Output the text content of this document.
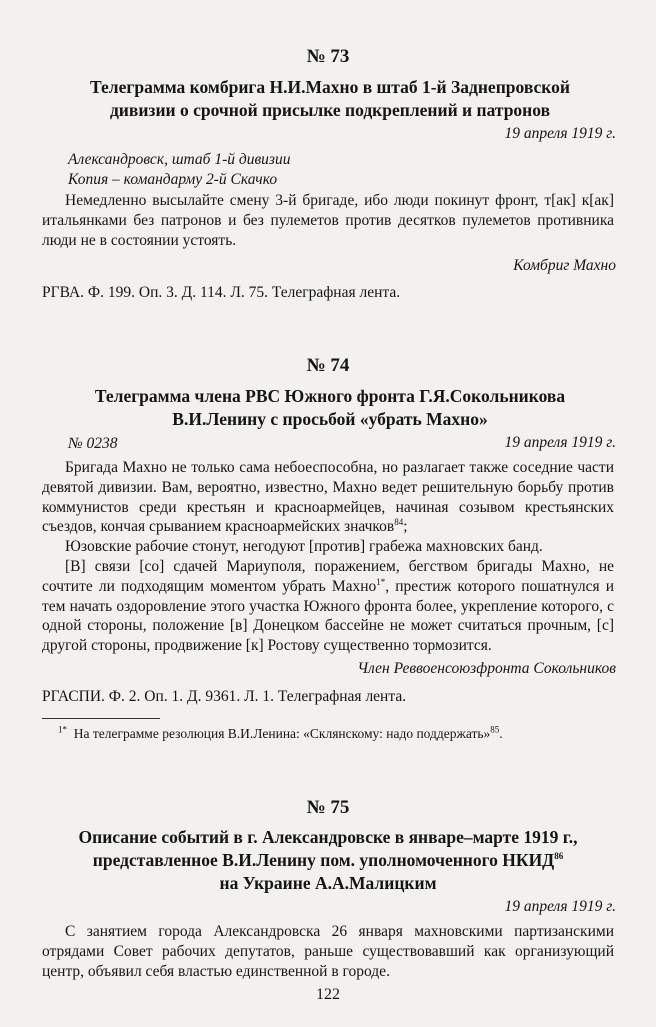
№ 73
Телеграмма комбрига Н.И.Махно в штаб 1-й Заднепровской
дивизии о срочной присылке подкреплений и патронов
19 апреля 1919 г.
Александровск, штаб 1-й дивизии
Копия – командарму 2-й Скачко

Немедленно высылайте смену 3-й бригаде, ибо люди покинут фронт, т[ак] к[ак] итальянками без патронов и без пулеметов против десятков пулеметов противника люди не в состоянии устоять.

Комбриг Махно
РГВА. Ф. 199. Оп. 3. Д. 114. Л. 75. Телеграфная лента.
№ 74
Телеграмма члена РВС Южного фронта Г.Я.Сокольникова
В.И.Ленину с просьбой «убрать Махно»
№ 0238	19 апреля 1919 г.

Бригада Махно не только сама небоеспособна, но разлагает также соседние части девятой дивизии. Вам, вероятно, известно, Махно ведет решительную борьбу против коммунистов среди крестьян и красноармейцев, начиная созывом крестьянских съездов, кончая срыванием красноармейских значков$^{84}$;

Юзовские рабочие стонут, негодуют [против] грабежа махновских банд.

[В] связи [со] сдачей Мариуполя, поражением, бегством бригады Махно, не сочтите ли подходящим моментом убрать Махно$^{1*}$, престиж которого пошатнулся и тем начать оздоровление этого участка Южного фронта более, укрепление которого, с одной стороны, положение [в] Донецком бассейне не может считаться прочным, [с] другой стороны, продвижение [к] Ростову существенно тормозится.

Член Реввоенсоюзфронта Сокольников
РГАСПИ. Ф. 2. Оп. 1. Д. 9361. Л. 1. Телеграфная лента.
$^{1*}$ На телеграмме резолюция В.И.Ленина: «Склянскому: надо поддержать»$^{85}$.
№ 75
Описание событий в г. Александровске в январе–марте 1919 г.,
представленное В.И.Ленину пом. уполномоченного НКИД$^{86}$
на Украине А.А.Малицким
19 апреля 1919 г.

С занятием города Александровска 26 января махновскими партизанскими отрядами Совет рабочих депутатов, раньше существовавший как организующий центр, объявил себя властью единственной в городе.

122
